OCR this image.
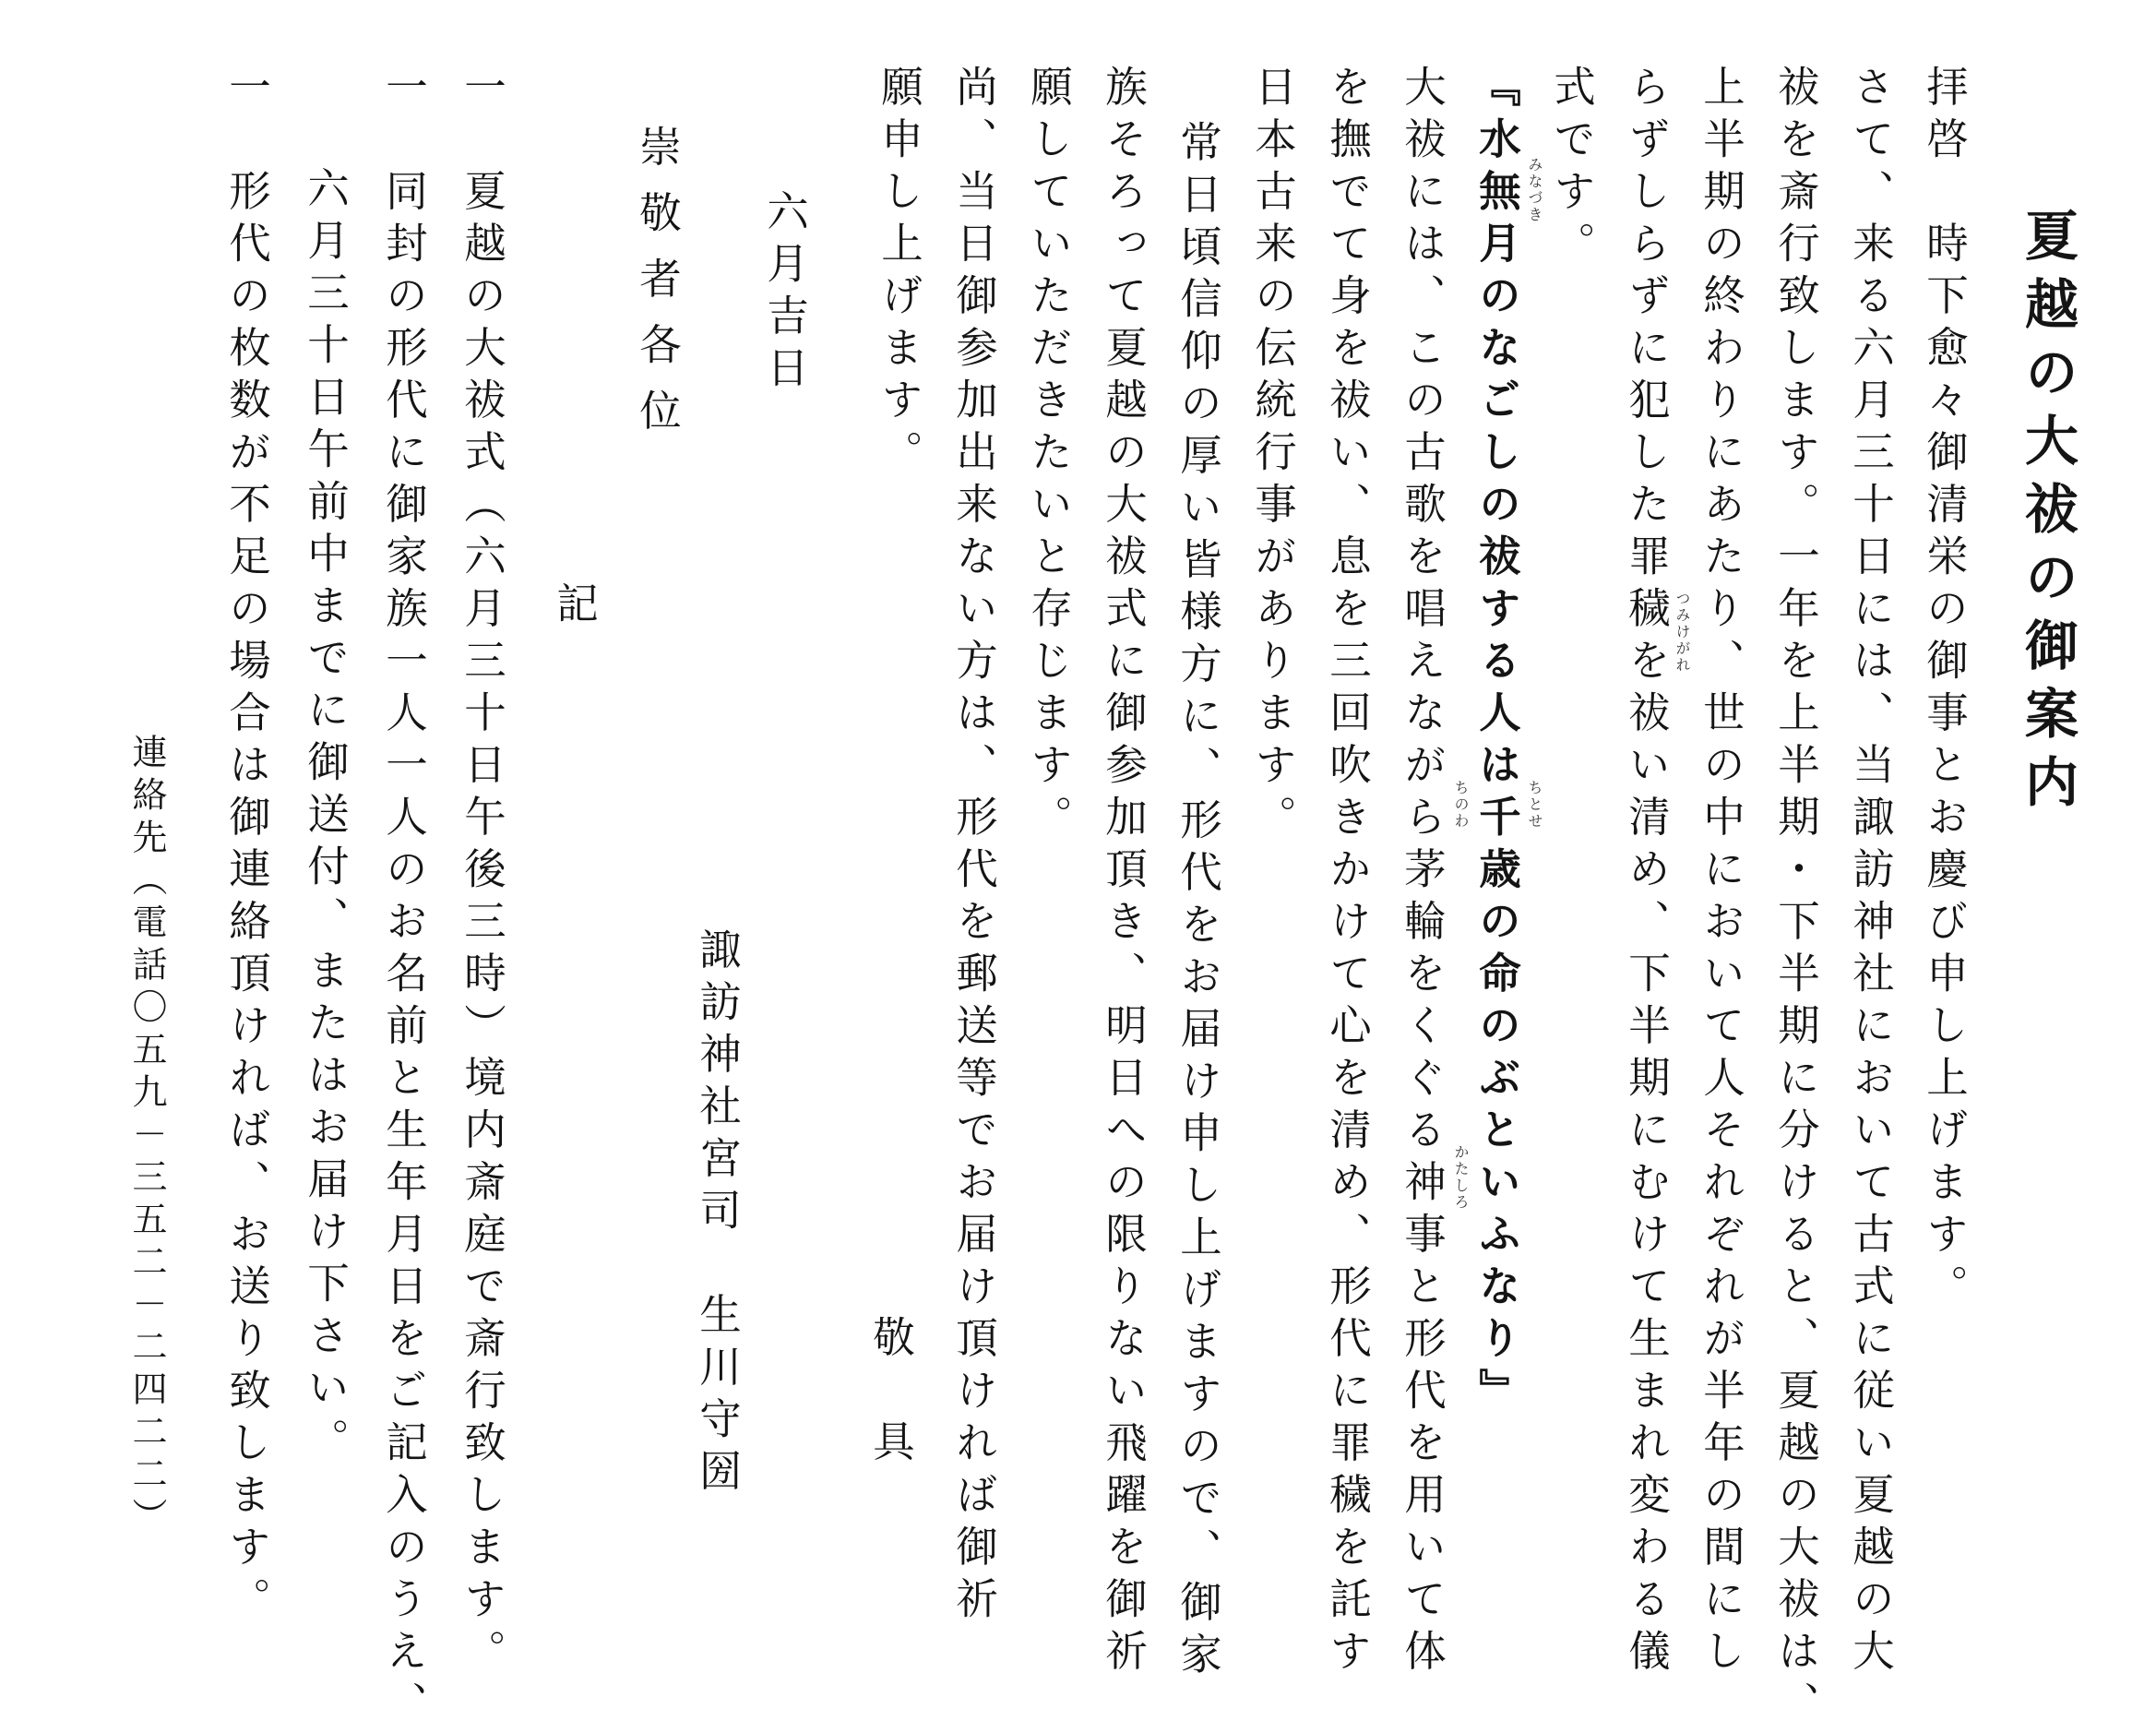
夏越の大祓の御案内
拝啓　時下愈々御清栄の御事とお慶び申し上げます。
さて、来る六月三十日には、当諏訪神社において古式に従い夏越の大
祓を斎行致します。一年を上半期・下半期に分けると、夏越の大祓は、
上半期の終わりにあたり、世の中において人それぞれが半年の間にし
らずしらずに犯した罪穢を祓い清め、下半期にむけて生まれ変わる儀
式です。
『水無月のなごしの祓する人は千歳の命のぶといふなり』
大祓には、この古歌を唱えながら茅輪をくぐる神事と形代を用いて体
を撫でて身を祓い、息を三回吹きかけて心を清め、形代に罪穢を託す
日本古来の伝統行事があります。
常日頃信仰の厚い皆様方に、形代をお届け申し上げますので、御家
族そろって夏越の大祓式に御参加頂き、明日への限りない飛躍を御祈
願していただきたいと存じます。
尚、当日御参加出来ない方は、形代を郵送等でお届け頂ければ御祈
願申し上げます。	みなづき
つみけがれ
ちとせ
ちのわ
かたしろ
敬　具
六月吉日
諏訪神社宮司　生川守圀
崇敬者各位
記
一　夏越の大祓式（六月三十日午後三時）境内斎庭で斎行致します。
一　同封の形代に御家族一人一人のお名前と生年月日をご記入のうえ、
六月三十日午前中までに御送付、またはお届け下さい。
一　形代の枚数が不足の場合は御連絡頂ければ、お送り致します。
連絡先（電話〇五九－三五二－二四二二）
